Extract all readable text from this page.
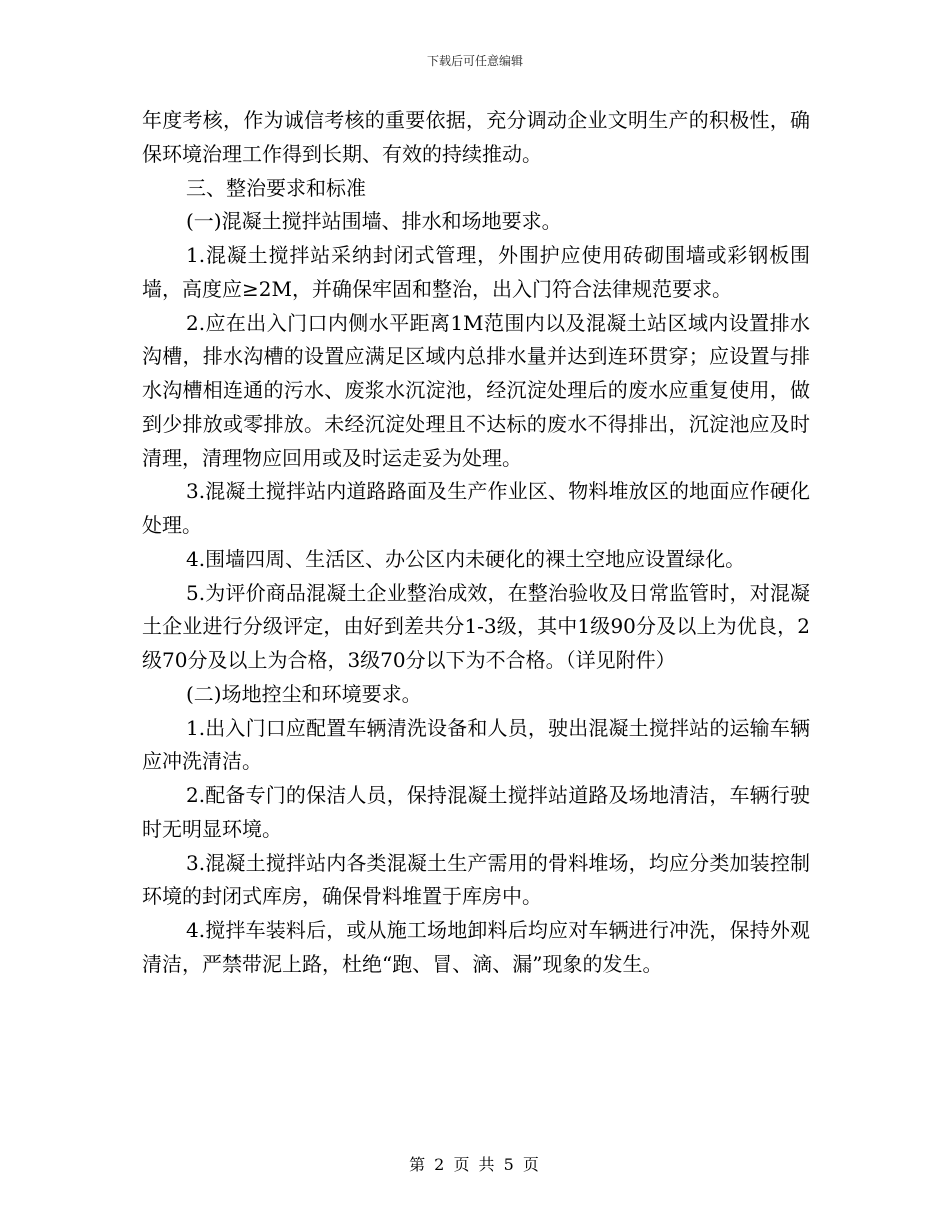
下载后可任意编辑

年度考核，作为诚信考核的重要依据，充分调动企业文明生产的积极性，确保环境治理工作得到长期、有效的持续推动。

三、整治要求和标准

(一)混凝土搅拌站围墙、排水和场地要求。

1.混凝土搅拌站采纳封闭式管理，外围护应使用砖砌围墙或彩钢板围墙，高度应≥2M，并确保牢固和整治，出入门符合法律规范要求。

2.应在出入门口内侧水平距离1M范围内以及混凝土站区域内设置排水沟槽，排水沟槽的设置应满足区域内总排水量并达到连环贯穿；应设置与排水沟槽相连通的污水、废浆水沉淀池，经沉淀处理后的废水应重复使用，做到少排放或零排放。未经沉淀处理且不达标的废水不得排出，沉淀池应及时清理，清理物应回用或及时运走妥为处理。

3.混凝土搅拌站内道路路面及生产作业区、物料堆放区的地面应作硬化处理。

4.围墙四周、生活区、办公区内未硬化的裸土空地应设置绿化。

5.为评价商品混凝土企业整治成效，在整治验收及日常监管时，对混凝土企业进行分级评定，由好到差共分1-3级，其中1级90分及以上为优良，2级70分及以上为合格，3级70分以下为不合格。（详见附件）

(二)场地控尘和环境要求。

1.出入门口应配置车辆清洗设备和人员，驶出混凝土搅拌站的运输车辆应冲洗清洁。

2.配备专门的保洁人员，保持混凝土搅拌站道路及场地清洁，车辆行驶时无明显环境。

3.混凝土搅拌站内各类混凝土生产需用的骨料堆场，均应分类加装控制环境的封闭式库房，确保骨料堆置于库房中。

4.搅拌车装料后，或从施工场地卸料后均应对车辆进行冲洗，保持外观清洁，严禁带泥上路，杜绝“跑、冒、滴、漏”现象的发生。

第 2 页 共 5 页
